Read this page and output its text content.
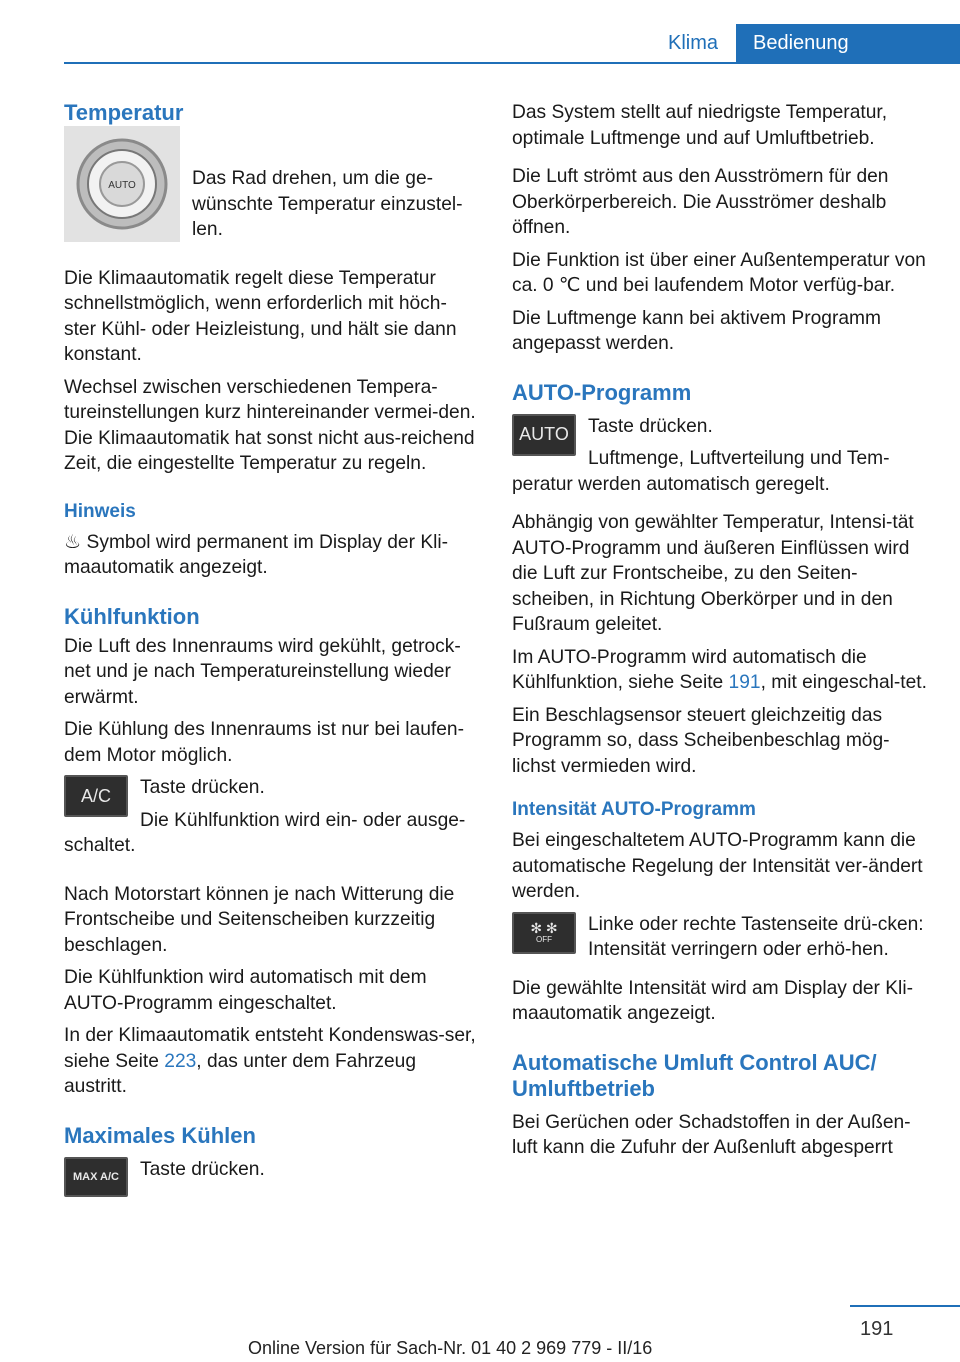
Klima	Bedienung
Temperatur
AUTO	Das Rad drehen, um die ge‐wünschte Temperatur einzustel‐len.

Die Klimaautomatik regelt diese Temperatur schnellstmöglich, wenn erforderlich mit höch‐ster Kühl- oder Heizleistung, und hält sie dann konstant.

Wechsel zwischen verschiedenen Tempera‐tureinstellungen kurz hintereinander vermei‐den. Die Klimaautomatik hat sonst nicht aus‐reichend Zeit, die eingestellte Temperatur zu regeln.

Hinweis

♨ Symbol wird permanent im Display der Kli‐maautomatik angezeigt.

Kühlfunktion

Die Luft des Innenraums wird gekühlt, getrock‐net und je nach Temperatureinstellung wieder erwärmt.

Die Kühlung des Innenraums ist nur bei laufen‐dem Motor möglich.

A/C	Taste drücken.

Die Kühlfunktion wird ein- oder ausge‐schaltet.

Nach Motorstart können je nach Witterung die Frontscheibe und Seitenscheiben kurzzeitig beschlagen.

Die Kühlfunktion wird automatisch mit dem AUTO-Programm eingeschaltet.

In der Klimaautomatik entsteht Kondenswas‐ser, siehe Seite 223, das unter dem Fahrzeug austritt.

Maximales Kühlen
MAX A/C	Taste drücken.

Das System stellt auf niedrigste Temperatur, optimale Luftmenge und auf Umluftbetrieb.

Die Luft strömt aus den Ausströmern für den Oberkörperbereich. Die Ausströmer deshalb öffnen.

Die Funktion ist über einer Außentemperatur von ca. 0 ℃ und bei laufendem Motor verfüg‐bar.

Die Luftmenge kann bei aktivem Programm angepasst werden.

AUTO-Programm
AUTO Taste drücken.

Luftmenge, Luftverteilung und Tem‐peratur werden automatisch geregelt.

Abhängig von gewählter Temperatur, Intensi‐tät AUTO-Programm und äußeren Einflüssen wird die Luft zur Frontscheibe, zu den Seiten‐scheiben, in Richtung Oberkörper und in den Fußraum geleitet.

Im AUTO-Programm wird automatisch die Kühlfunktion, siehe Seite 191, mit eingeschal‐tet.

Ein Beschlagsensor steuert gleichzeitig das Programm so, dass Scheibenbeschlag mög‐lichst vermieden wird.

Intensität AUTO-Programm

Bei eingeschaltetem AUTO-Programm kann die automatische Regelung der Intensität ver‐ändert werden.

✻ ✻
OFF

Linke oder rechte Tastenseite drü‐cken: Intensität verringern oder erhö‐hen.

Die gewählte Intensität wird am Display der Kli‐maautomatik angezeigt.

Automatische Umluft Control AUC/ Umluftbetrieb

Bei Gerüchen oder Schadstoffen in der Außen‐luft kann die Zufuhr der Außenluft abgesperrt

191
Online Version für Sach-Nr. 01 40 2 969 779 - II/16
